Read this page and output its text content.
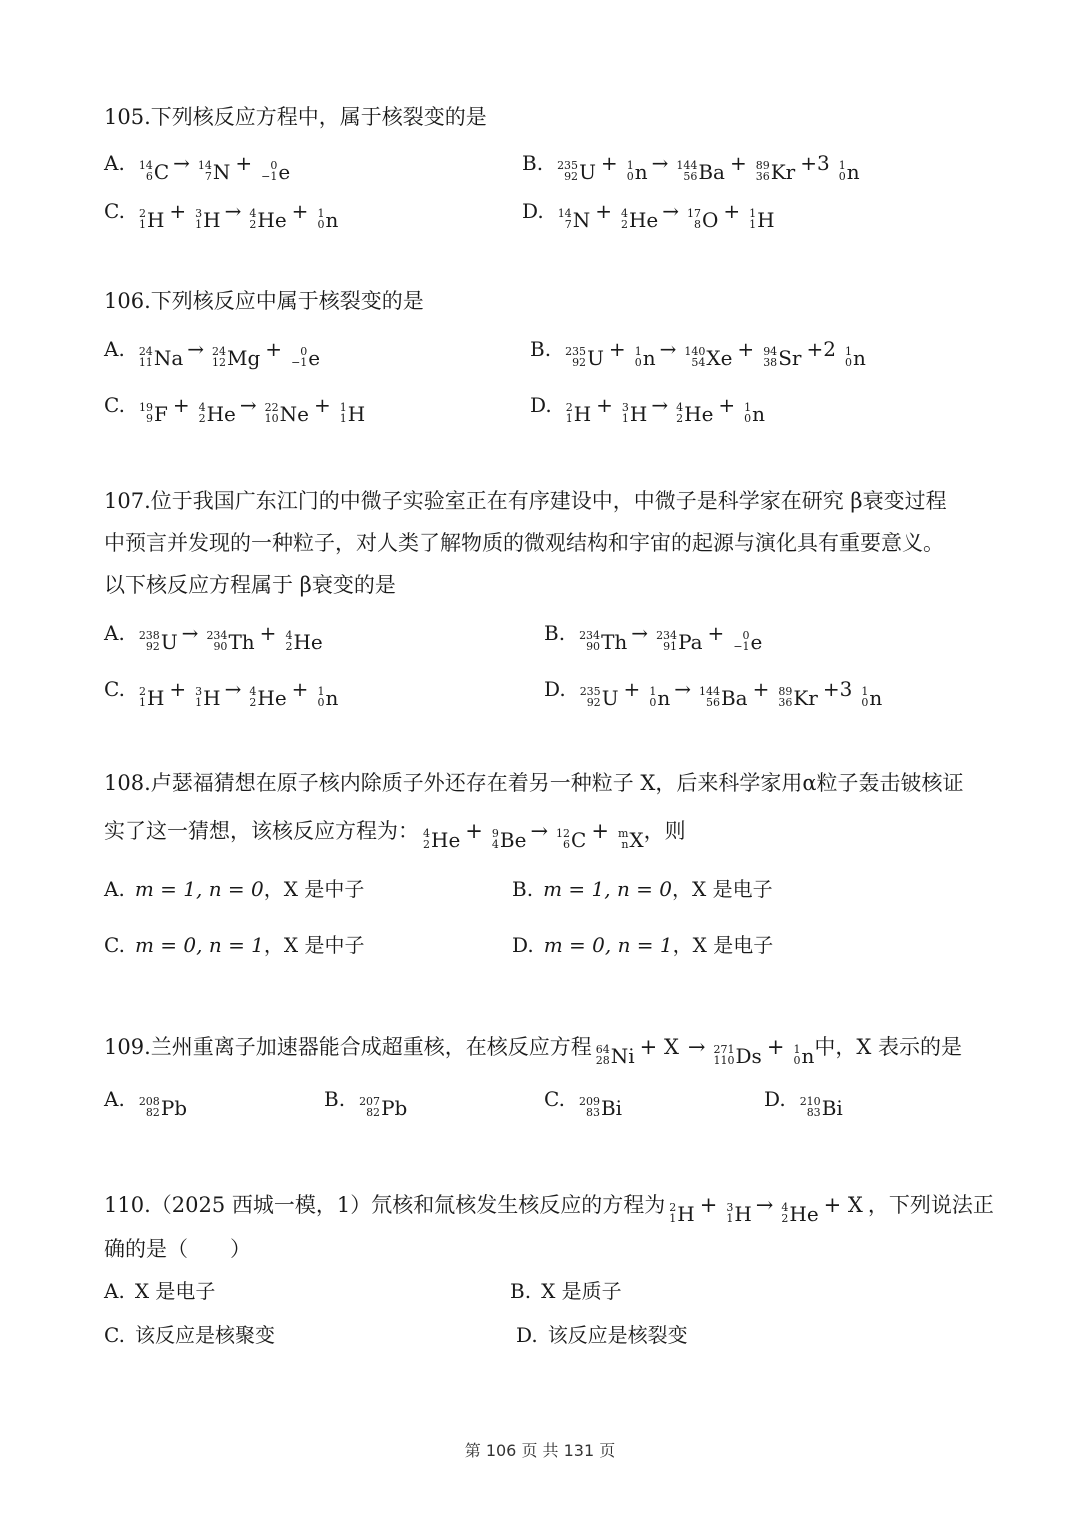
105.下列核反应方程中，属于核裂变的是
A. 14
6 C → 14
7 N + 0
−1 e	B. 235
92 U + 1
0 n → 144
56 Ba + 89
36 Kr +3 1
0 n
C. 2
1 H + 3
1 H → 4
2 He + 1
0 n	D. 14
7 N + 4
2 He → 17
8 O + 1
1 H
106.下列核反应中属于核裂变的是
A. 24
11 Na → 24
12 Mg + 0
−1 e	B. 235
92 U + 1
0 n → 140
54 Xe + 94
38 Sr +2 1
0 n
C. 19
9 F + 4
2 He → 22
10 Ne + 1
1 H	D. 2
1 H + 3
1 H → 4
2 He + 1
0 n
107.位于我国广东江门的中微子实验室正在有序建设中，中微子是科学家在研究 β衰变过程
中预言并发现的一种粒子，对人类了解物质的微观结构和宇宙的起源与演化具有重要意义。
以下核反应方程属于 β衰变的是
A. 238
92 U → 234
90 Th + 4
2 He	B. 234
90 Th → 234
91 Pa + 0
−1 e
C. 2
1 H + 3
1 H → 4
2 He + 1
0 n	D. 235
92 U + 1
0 n → 144
56 Ba + 89
36 Kr +3 1
0 n
108.卢瑟福猜想在原子核内除质子外还存在着另一种粒子 X，后来科学家用α粒子轰击铍核证
实了这一猜想，该核反应方程为： 4
2 He + 9
4 Be → 12
6 C + m
n X ，则
A. m = 1, n = 0，X 是中子	B. m = 1, n = 0，X 是电子
C. m = 0, n = 1，X 是中子	D. m = 0, n = 1，X 是电子
109.兰州重离子加速器能合成超重核，在核反应方程 64
28 Ni + X → 271
110 Ds + 1
0 n 中，X 表示的是
A. 208
82 Pb	B. 207
82 Pb	C. 209
83 Bi	D. 210
83 Bi
110.（2025 西城一模，1）氘核和氚核发生核反应的方程为 2
1 H + 3
1 H → 4
2 He + X ，下列说法正
确的是（　　）
A. X 是电子	B. X 是质子
C. 该反应是核聚变	D. 该反应是核裂变
第 106 页 共 131 页
